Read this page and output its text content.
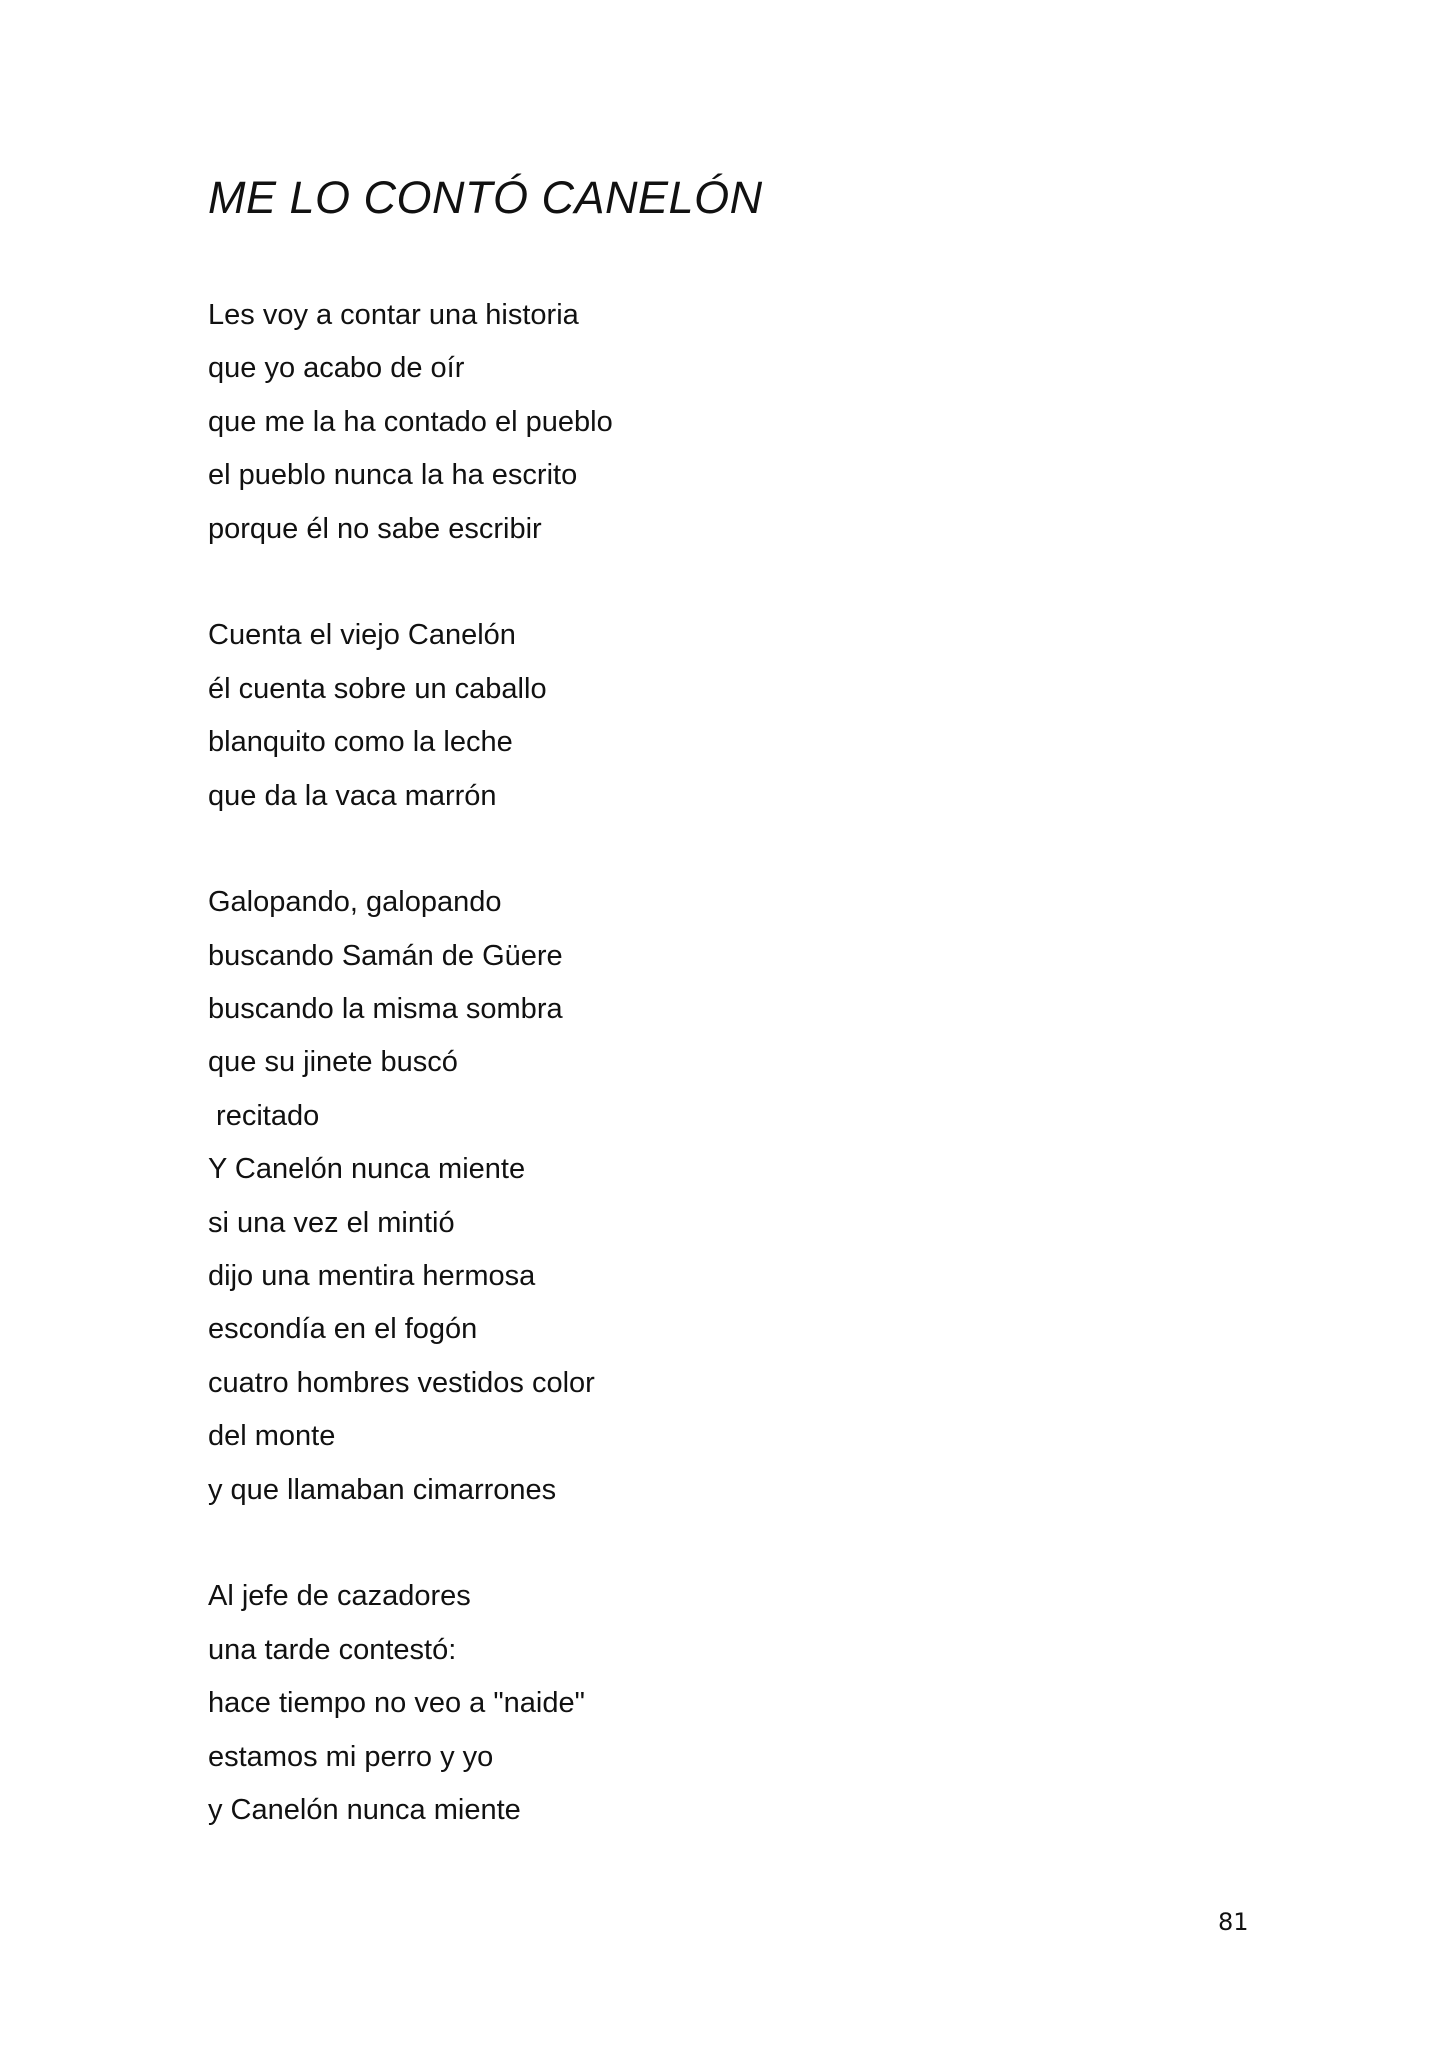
ME LO CONTÓ CANELÓN
Les voy a contar una historia
que yo acabo de oír
que me la ha contado el pueblo
el pueblo nunca la ha escrito
porque él no sabe escribir
Cuenta el viejo Canelón
él cuenta sobre un caballo
blanquito como la leche
que da la vaca marrón
Galopando, galopando
buscando Samán de Güere
buscando la misma sombra
que su jinete buscó
recitado
Y Canelón nunca miente
si una vez el mintió
dijo una mentira hermosa
escondía en el fogón
cuatro hombres vestidos color
del monte
y que llamaban cimarrones
Al jefe de cazadores
una tarde contestó:
hace tiempo no veo a "naide"
estamos mi perro y yo
y Canelón nunca miente
81
